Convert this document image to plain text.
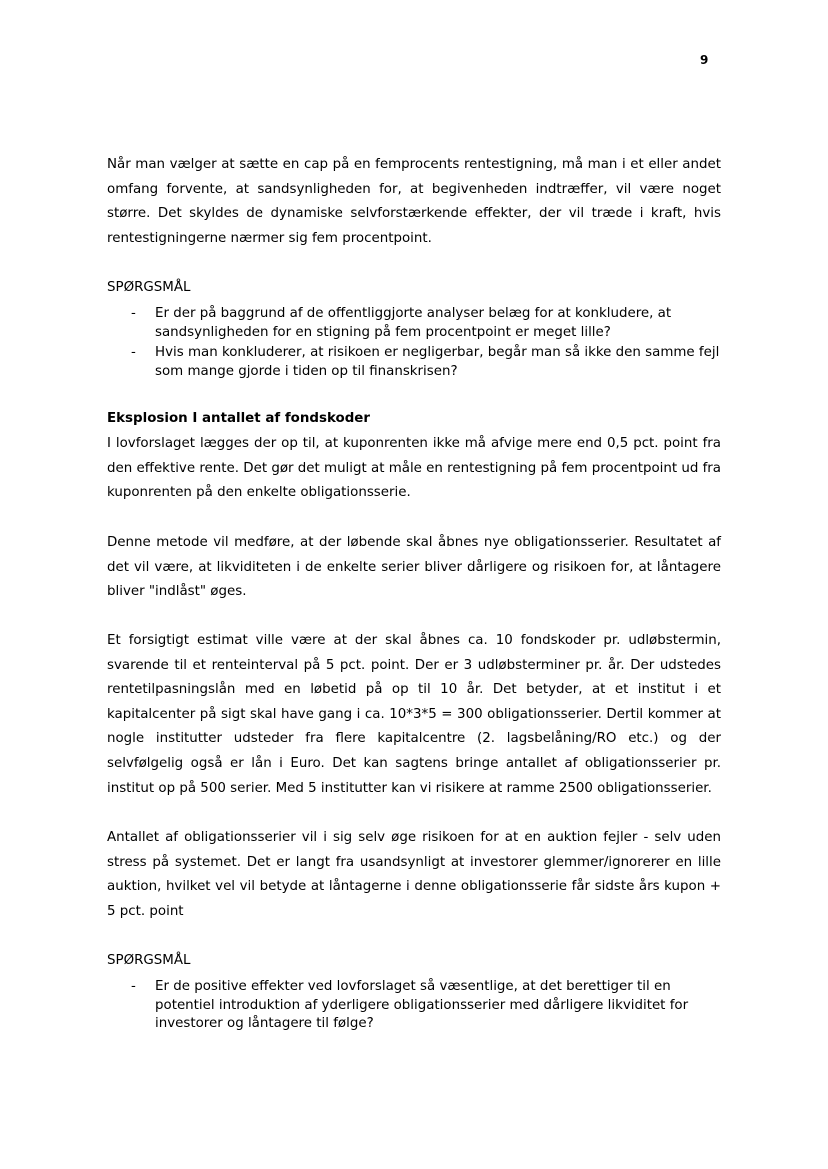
9

Når man vælger at sætte en cap på en femprocents rentestigning, må man i et eller andet omfang forvente, at sandsynligheden for, at begivenheden indtræffer, vil være noget større. Det skyldes de dynamiske selvforstærkende effekter, der vil træde i kraft, hvis rentestigningerne nærmer sig fem procentpoint.

SPØRGSMÅL

- Er der på baggrund af de offentliggjorte analyser belæg for at konkludere, at sandsynligheden for en stigning på fem procentpoint er meget lille?
- Hvis man konkluderer, at risikoen er negligerbar, begår man så ikke den samme fejl som mange gjorde i tiden op til finanskrisen?

Eksplosion I antallet af fondskoder

I lovforslaget lægges der op til, at kuponrenten ikke må afvige mere end 0,5 pct. point fra den effektive rente. Det gør det muligt at måle en rentestigning på fem procentpoint ud fra kuponrenten på den enkelte obligationsserie.

Denne metode vil medføre, at der løbende skal åbnes nye obligationsserier. Resultatet af det vil være, at likviditeten i de enkelte serier bliver dårligere og risikoen for, at låntagere bliver "indlåst" øges.

Et forsigtigt estimat ville være at der skal åbnes ca. 10 fondskoder pr. udløbstermin, svarende til et renteinterval på 5 pct. point. Der er 3 udløbsterminer pr. år. Der udstedes rentetilpasningslån med en løbetid på op til 10 år. Det betyder, at et institut i et kapitalcenter på sigt skal have gang i ca. 10*3*5 = 300 obligationsserier. Dertil kommer at nogle institutter udsteder fra flere kapitalcentre (2. lagsbelåning/RO etc.) og der selvfølgelig også er lån i Euro. Det kan sagtens bringe antallet af obligationsserier pr. institut op på 500 serier. Med 5 institutter kan vi risikere at ramme 2500 obligationsserier.

Antallet af obligationsserier vil i sig selv øge risikoen for at en auktion fejler - selv uden stress på systemet. Det er langt fra usandsynligt at investorer glemmer/ignorerer en lille auktion, hvilket vel vil betyde at låntagerne i denne obligationsserie får sidste års kupon + 5 pct. point

SPØRGSMÅL

- Er de positive effekter ved lovforslaget så væsentlige, at det berettiger til en potentiel introduktion af yderligere obligationsserier med dårligere likviditet for investorer og låntagere til følge?
